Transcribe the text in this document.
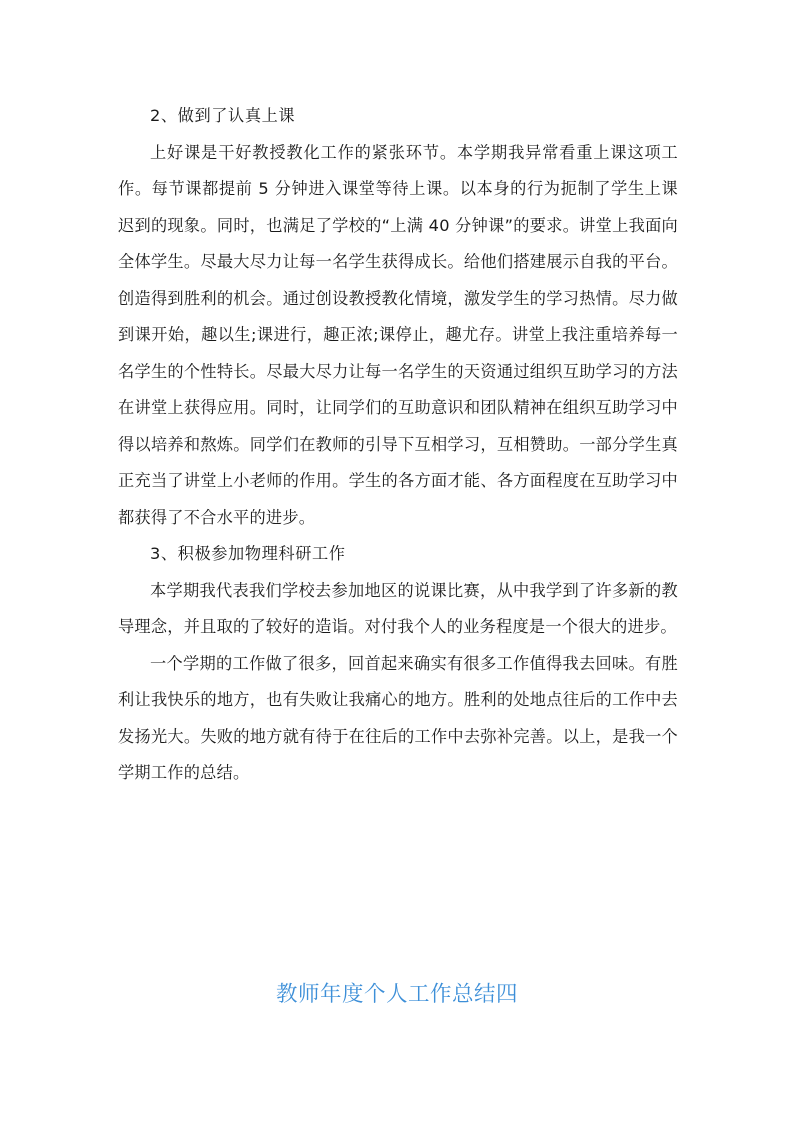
2、做到了认真上课

上好课是干好教授教化工作的紧张环节。本学期我异常看重上课这项工作。每节课都提前 5 分钟进入课堂等待上课。以本身的行为扼制了学生上课迟到的现象。同时，也满足了学校的“上满 40 分钟课”的要求。讲堂上我面向全体学生。尽最大尽力让每一名学生获得成长。给他们搭建展示自我的平台。创造得到胜利的机会。通过创设教授教化情境，激发学生的学习热情。尽力做到课开始，趣以生;课进行，趣正浓;课停止，趣尤存。讲堂上我注重培养每一名学生的个性特长。尽最大尽力让每一名学生的天资通过组织互助学习的方法在讲堂上获得应用。同时，让同学们的互助意识和团队精神在组织互助学习中得以培养和熬炼。同学们在教师的引导下互相学习，互相赞助。一部分学生真正充当了讲堂上小老师的作用。学生的各方面才能、各方面程度在互助学习中都获得了不合水平的进步。

3、积极参加物理科研工作

本学期我代表我们学校去参加地区的说课比赛，从中我学到了许多新的教导理念，并且取的了较好的造诣。对付我个人的业务程度是一个很大的进步。

一个学期的工作做了很多，回首起来确实有很多工作值得我去回味。有胜利让我快乐的地方，也有失败让我痛心的地方。胜利的处地点往后的工作中去发扬光大。失败的地方就有待于在往后的工作中去弥补完善。以上，是我一个学期工作的总结。

教师年度个人工作总结四
